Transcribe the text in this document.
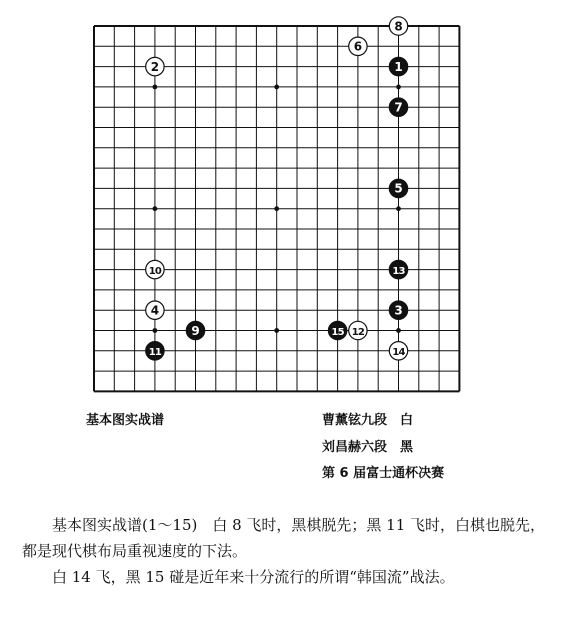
1
2
3
4
5
6
7
8
9
10
11
12
13
14
15
基本图实战谱	曹薰铉九段　白
刘昌赫六段　黑
第 6 届富士通杯决赛

基本图实战谱(1～15)　白 8 飞时，黑棋脱先；黑 11 飞时，白棋也脱先，都是现代棋布局重视速度的下法。

白 14 飞，黑 15 碰是近年来十分流行的所谓“韩国流”战法。
